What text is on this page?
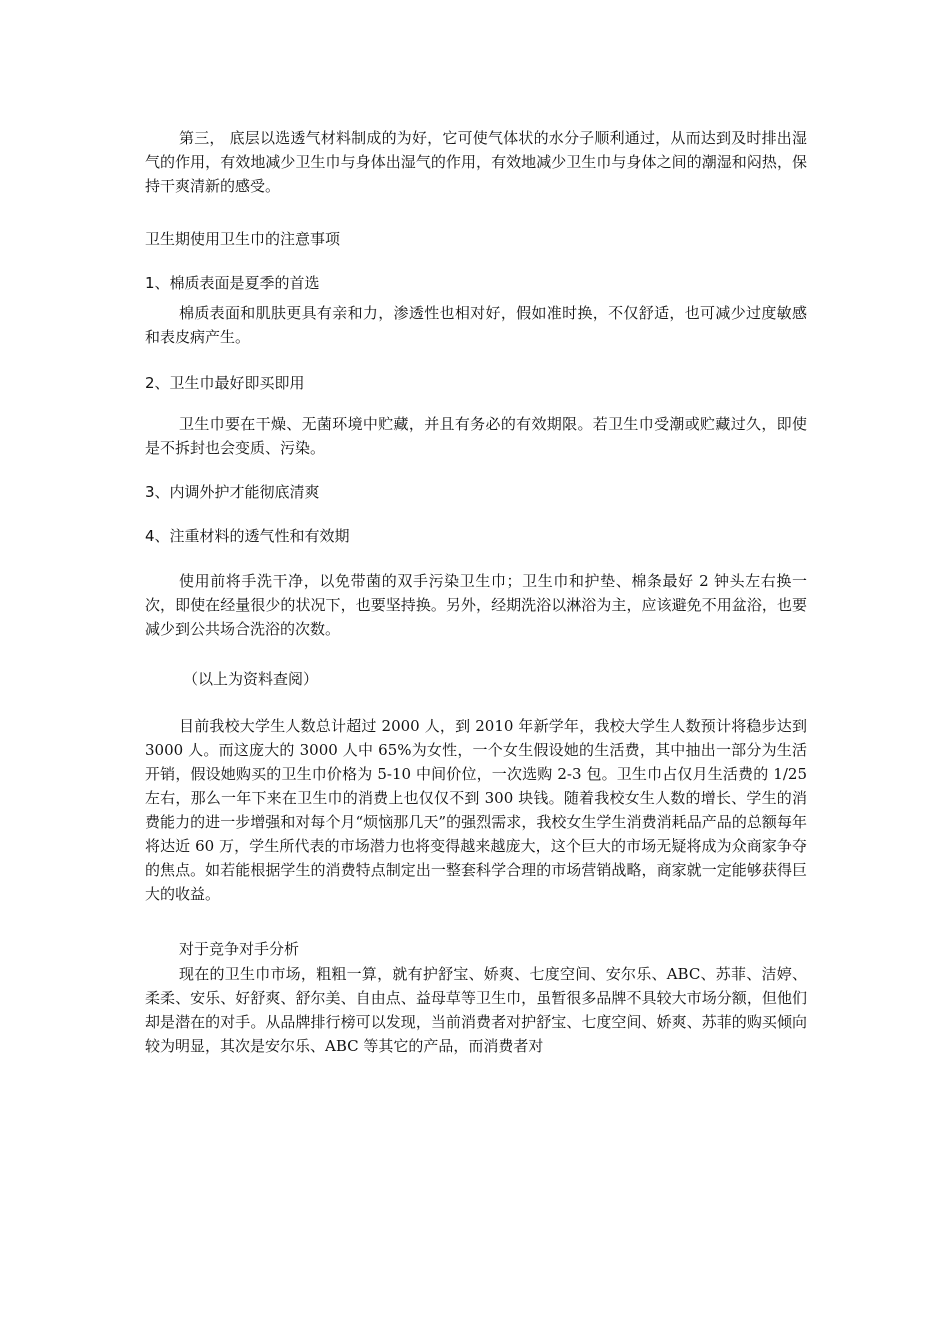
第三， 底层以选透气材料制成的为好，它可使气体状的水分子顺利通过，从而达到及时排出湿气的作用，有效地减少卫生巾与身体出湿气的作用，有效地减少卫生巾与身体之间的潮湿和闷热，保持干爽清新的感受。

卫生期使用卫生巾的注意事项

1、棉质表面是夏季的首选

棉质表面和肌肤更具有亲和力，渗透性也相对好，假如准时换，不仅舒适，也可减少过度敏感和表皮病产生。

2、卫生巾最好即买即用

卫生巾要在干燥、无菌环境中贮藏，并且有务必的有效期限。若卫生巾受潮或贮藏过久，即使是不拆封也会变质、污染。

3、内调外护才能彻底清爽

4、注重材料的透气性和有效期

使用前将手洗干净，以免带菌的双手污染卫生巾；卫生巾和护垫、棉条最好 2 钟头左右换一次，即使在经量很少的状况下，也要坚持换。另外，经期洗浴以淋浴为主，应该避免不用盆浴，也要减少到公共场合洗浴的次数。

（以上为资料查阅）

目前我校大学生人数总计超过 2000 人，到 2010 年新学年，我校大学生人数预计将稳步达到 3000 人。而这庞大的 3000 人中 65%为女性，一个女生假设她的生活费，其中抽出一部分为生活开销，假设她购买的卫生巾价格为 5-10 中间价位，一次选购 2-3 包。卫生巾占仅月生活费的 1/25 左右，那么一年下来在卫生巾的消费上也仅仅不到 300 块钱。随着我校女生人数的增长、学生的消费能力的进一步增强和对每个月“烦恼那几天”的强烈需求，我校女生学生消费消耗品产品的总额每年将达近 60 万，学生所代表的市场潜力也将变得越来越庞大，这个巨大的市场无疑将成为众商家争夺的焦点。如若能根据学生的消费特点制定出一整套科学合理的市场营销战略，商家就一定能够获得巨大的收益。

对于竞争对手分析

现在的卫生巾市场，粗粗一算，就有护舒宝、娇爽、七度空间、安尔乐、ABC、苏菲、洁婷、柔柔、安乐、好舒爽、舒尔美、自由点、益母草等卫生巾，虽暂很多品牌不具较大市场分额，但他们却是潜在的对手。从品牌排行榜可以发现，当前消费者对护舒宝、七度空间、娇爽、苏菲的购买倾向较为明显，其次是安尔乐、ABC 等其它的产品，而消费者对
